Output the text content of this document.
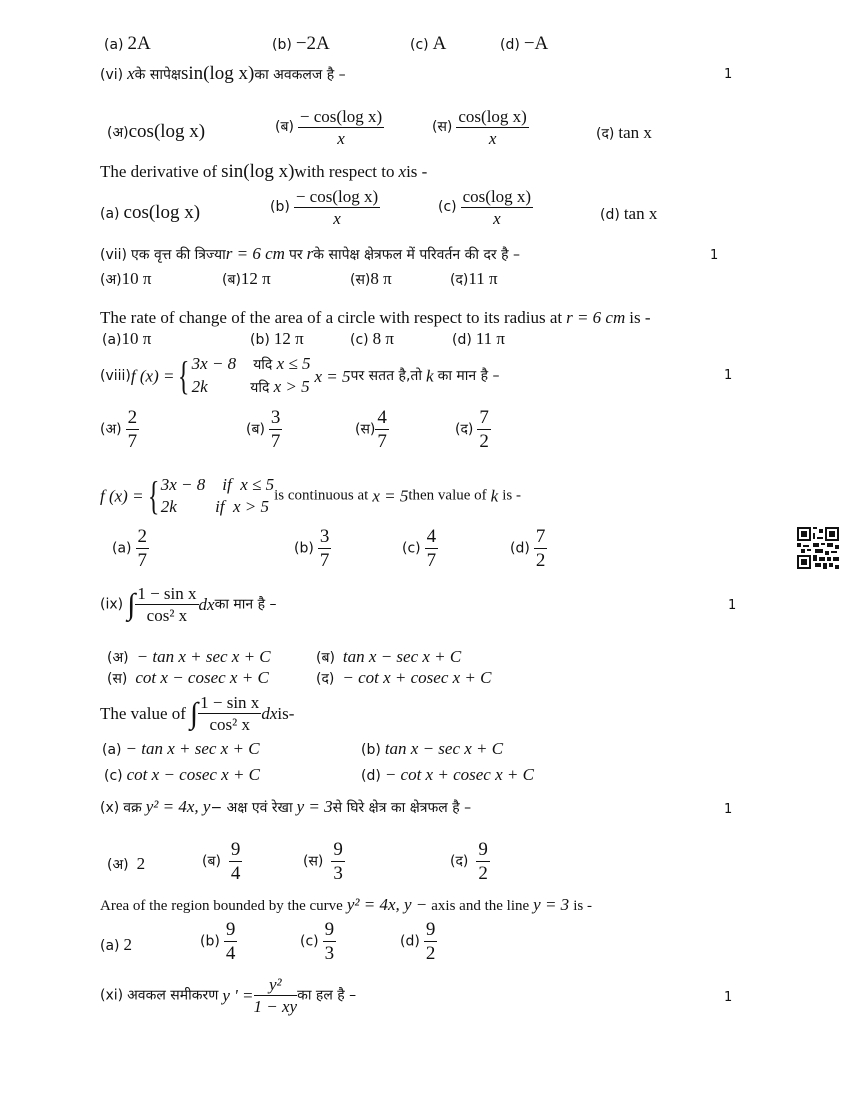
(a) 2A	(b) −2A	(c) A	(d) −A
(vi) xके सापेक्षsin(log x)का अवकलज है –	1
(अ)cos(log x)	(ब) $\frac{\text{− cos(log x)}}{x}$	(स) $\frac{\text{cos(log x)}}{x}$	(द) tan x
The derivative of sin(log x)with respect to xis -
(a) cos(log x)	$(b) \frac{\text{− cos(log x)}}{x}$	$(c) \frac{\text{cos(log x)}}{x}$	(d) tan x
(vii) एक वृत्त की त्रिज्याr = 6 cm पर rके सापेक्ष क्षेत्रफल में परिवर्तन की दर है –	1
(अ)10 π	(ब)12 π	(स)8 π	(द)11 π
The rate of change of the area of a circle with respect to its radius at r = 6 cm is -
(a)10 π	(b) 12 π	(c) 8 π	(d) 11 π
(viii)f (x) ={ 3x − 8 यदि x ≤ 5
2k	यदि x > 5
x = 5पर सतत है,तो k का मान है –	1
(अ) $\frac{2}{7}$	(ब) $\frac{3}{7}$	(स) $\frac{4}{7}$	(द) $\frac{7}{2}$
f (x) ={ 3x − 8 if x ≤ 5
2k if x > 5
is continuous at x = 5then value of k is -
$(a) \frac{2}{7}$	$(b) \frac{3}{7}$	$(c) \frac{4}{7}$	$(d) \frac{7}{2}$
(ix) ∫ $\frac{\text{1 − sin x}}{\text{cos² x}}$ dxका मान है –	1
(अ) − tan x + sec x + C	(ब) tan x − sec x + C
(स) cot x − cosec x + C	(द) − cot x + cosec x + C
The value of ∫ $\frac{\text{1 − sin x}}{\text{cos² x}}$ dxis-
(a) − tan x + sec x + C	(b) tan x − sec x + C
(c) cot x − cosec x + C	(d) − cot x + cosec x + C
(x) वक्र y² = 4x, y− अक्ष एवं रेखा y = 3से घिरे क्षेत्र का क्षेत्रफल है –	1
(अ) 2	(ब) $\frac{9}{4}$	(स) $\frac{9}{3}$	(द) $\frac{9}{2}$
Area of the region bounded by the curve y² = 4x, y − axis and the line y = 3 is -
(a) 2	$(b) \frac{9}{4}$	$(c) \frac{9}{3}$	$(d) \frac{9}{2}$
(xi) अवकल समीकरण y ' = $\frac{\text{y²}}{1 - xy}$ का हल है –	1
